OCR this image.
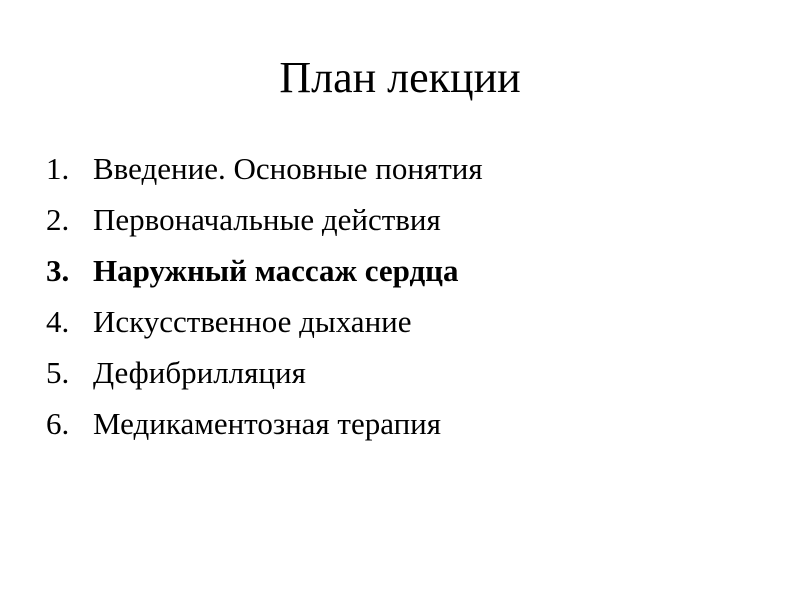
План лекции
1. Введение. Основные понятия
2. Первоначальные действия
3. Наружный массаж сердца
4. Искусственное дыхание
5. Дефибрилляция
6. Медикаментозная терапия
